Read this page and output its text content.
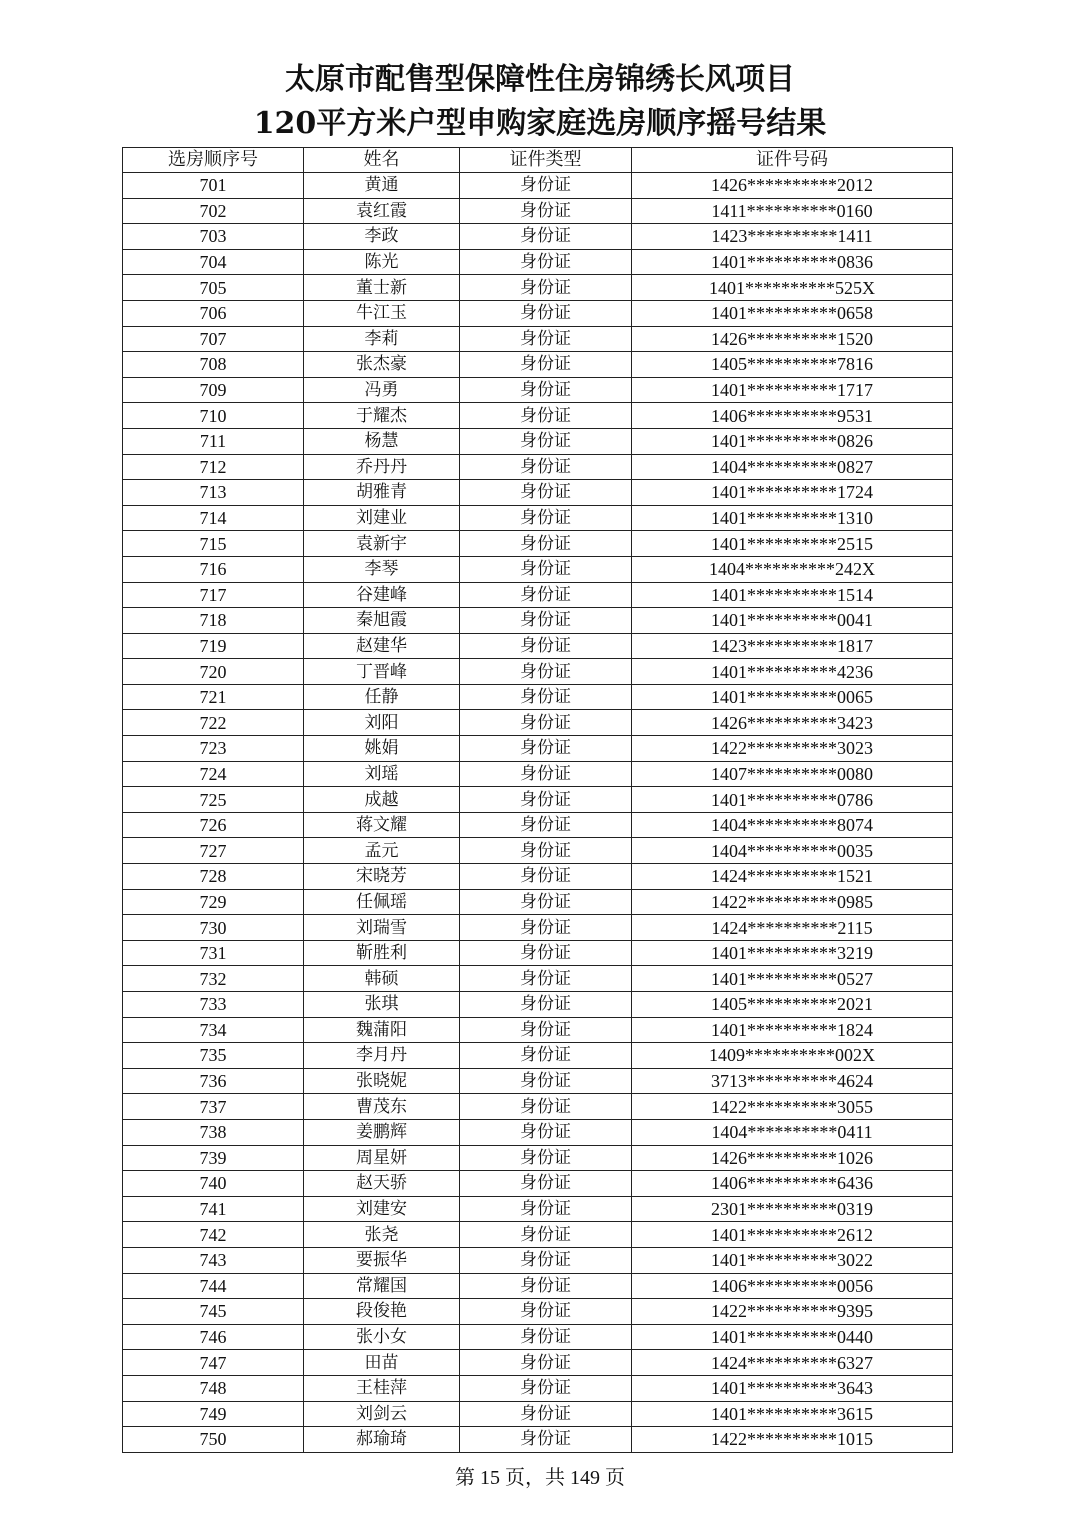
太原市配售型保障性住房锦绣长风项目
120平方米户型申购家庭选房顺序摇号结果
选房顺序号	姓名	证件类型	证件号码
701	黄通	身份证	1426**********2012
702	袁红霞	身份证	1411**********0160
703	李政	身份证	1423**********1411
704	陈光	身份证	1401**********0836
705	董士新	身份证	1401**********525X
706	牛江玉	身份证	1401**********0658
707	李莉	身份证	1426**********1520
708	张杰豪	身份证	1405**********7816
709	冯勇	身份证	1401**********1717
710	于耀杰	身份证	1406**********9531
711	杨慧	身份证	1401**********0826
712	乔丹丹	身份证	1404**********0827
713	胡雅青	身份证	1401**********1724
714	刘建业	身份证	1401**********1310
715	袁新宇	身份证	1401**********2515
716	李琴	身份证	1404**********242X
717	谷建峰	身份证	1401**********1514
718	秦旭霞	身份证	1401**********0041
719	赵建华	身份证	1423**********1817
720	丁晋峰	身份证	1401**********4236
721	任静	身份证	1401**********0065
722	刘阳	身份证	1426**********3423
723	姚娟	身份证	1422**********3023
724	刘瑶	身份证	1407**********0080
725	成越	身份证	1401**********0786
726	蒋文耀	身份证	1404**********8074
727	孟元	身份证	1404**********0035
728	宋晓芳	身份证	1424**********1521
729	任佩瑶	身份证	1422**********0985
730	刘瑞雪	身份证	1424**********2115
731	靳胜利	身份证	1401**********3219
732	韩硕	身份证	1401**********0527
733	张琪	身份证	1405**********2021
734	魏蒲阳	身份证	1401**********1824
735	李月丹	身份证	1409**********002X
736	张晓妮	身份证	3713**********4624
737	曹茂东	身份证	1422**********3055
738	姜鹏辉	身份证	1404**********0411
739	周星妍	身份证	1426**********1026
740	赵天骄	身份证	1406**********6436
741	刘建安	身份证	2301**********0319
742	张尧	身份证	1401**********2612
743	要振华	身份证	1401**********3022
744	常耀国	身份证	1406**********0056
745	段俊艳	身份证	1422**********9395
746	张小女	身份证	1401**********0440
747	田苗	身份证	1424**********6327
748	王桂萍	身份证	1401**********3643
749	刘剑云	身份证	1401**********3615
750	郝瑜琦	身份证	1422**********1015
第 15 页，共 149 页
